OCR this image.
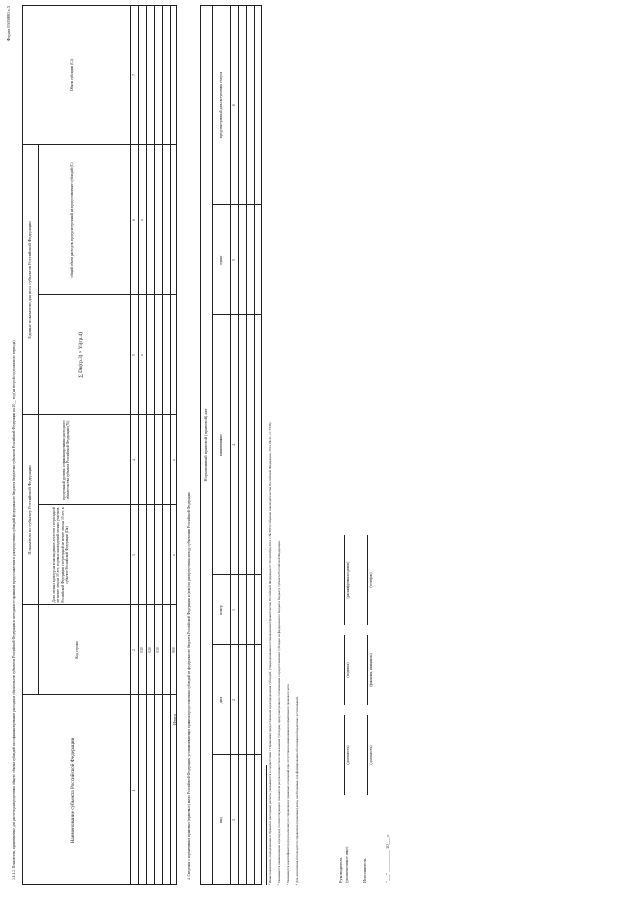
Форма 0505880 с.3
3.1.1.3. Показатели, применяемые для расчета распределения общего объема субсидий на софинансирование расходных обязательств субъектов Российской Федерации и методики ее правилам предоставления и распределения субсидий федерального бюджета бюджетам субъектов Российской Федерации на 20__ год (на второй год планового периода)	Наименование субъекта Российской Федерации
Код строки
Показатели по субъекту Российской Федерации
Единые показатели для всех субъектов Российской Федерации
Доля лесных культур на в насаждениях лесхозов с пересадкой не менее чем на 30 лет, годовых насаждений лесных участков Российской Федерации с пересадкой не менее чем на 30 лет, в субъекте Российской Федерации (Dк)
предельный уровень софинансирования расходного обязательства субъекта Российской Федерации (Yi)
∑ Dк(гр.3) × Yi(гр.4)
общий объем расходов, предусмотренный на предоставление субсидий (С)
Объем субсидии (Ci)
1
2
3
4
5
6
7
010 020 030
x
x
Итого
900
x
x
4. Сведения о нормативных правовых (правовых) актах Российской Федерации, устанавливающих правила предоставления субсидий из федерального бюджета Российской Федерации и (или) их распределения между субъектами Российской Федерации
Нормативный правовой (правовой) акт
вид
дата
номер
наименование
пункт
предусмотренный даты вступления статуса
1
2
3
4
5
6
¹ Иные показатели, определенные в Правилах (методике) расчета, указываются в соответствии с Правилами предоставления и распределения субсидий, утвержденными постановлением Правительства Российской Федерации от 30 сентября 2014 г. № 999 (Собрание законодательства Российской Федерации, 2014, № 41, ст. 5536). ² Указывается наименование и (или) код соответствующего показателя результативности использования субсидии, предусмотренного соглашением о предоставлении субсидии из федерального бюджета бюджету субъекта Российской Федерации. ³ Указывается идентификатор (при наличии) по справочнику правовых оснований при отсутствии наименования нормативного правового акта. ⁴ Для заполнения используется справочник (правовые) акты, необходимые для формирования обоснования бюджетных ассигнований.	Руководитель (уполномоченное лицо)
(должность)
(подпись)
(расшифровка подписи)
Исполнитель
(должность)
(фамилия, инициалы)
(телефон)
"___" __________ 20___ г.
